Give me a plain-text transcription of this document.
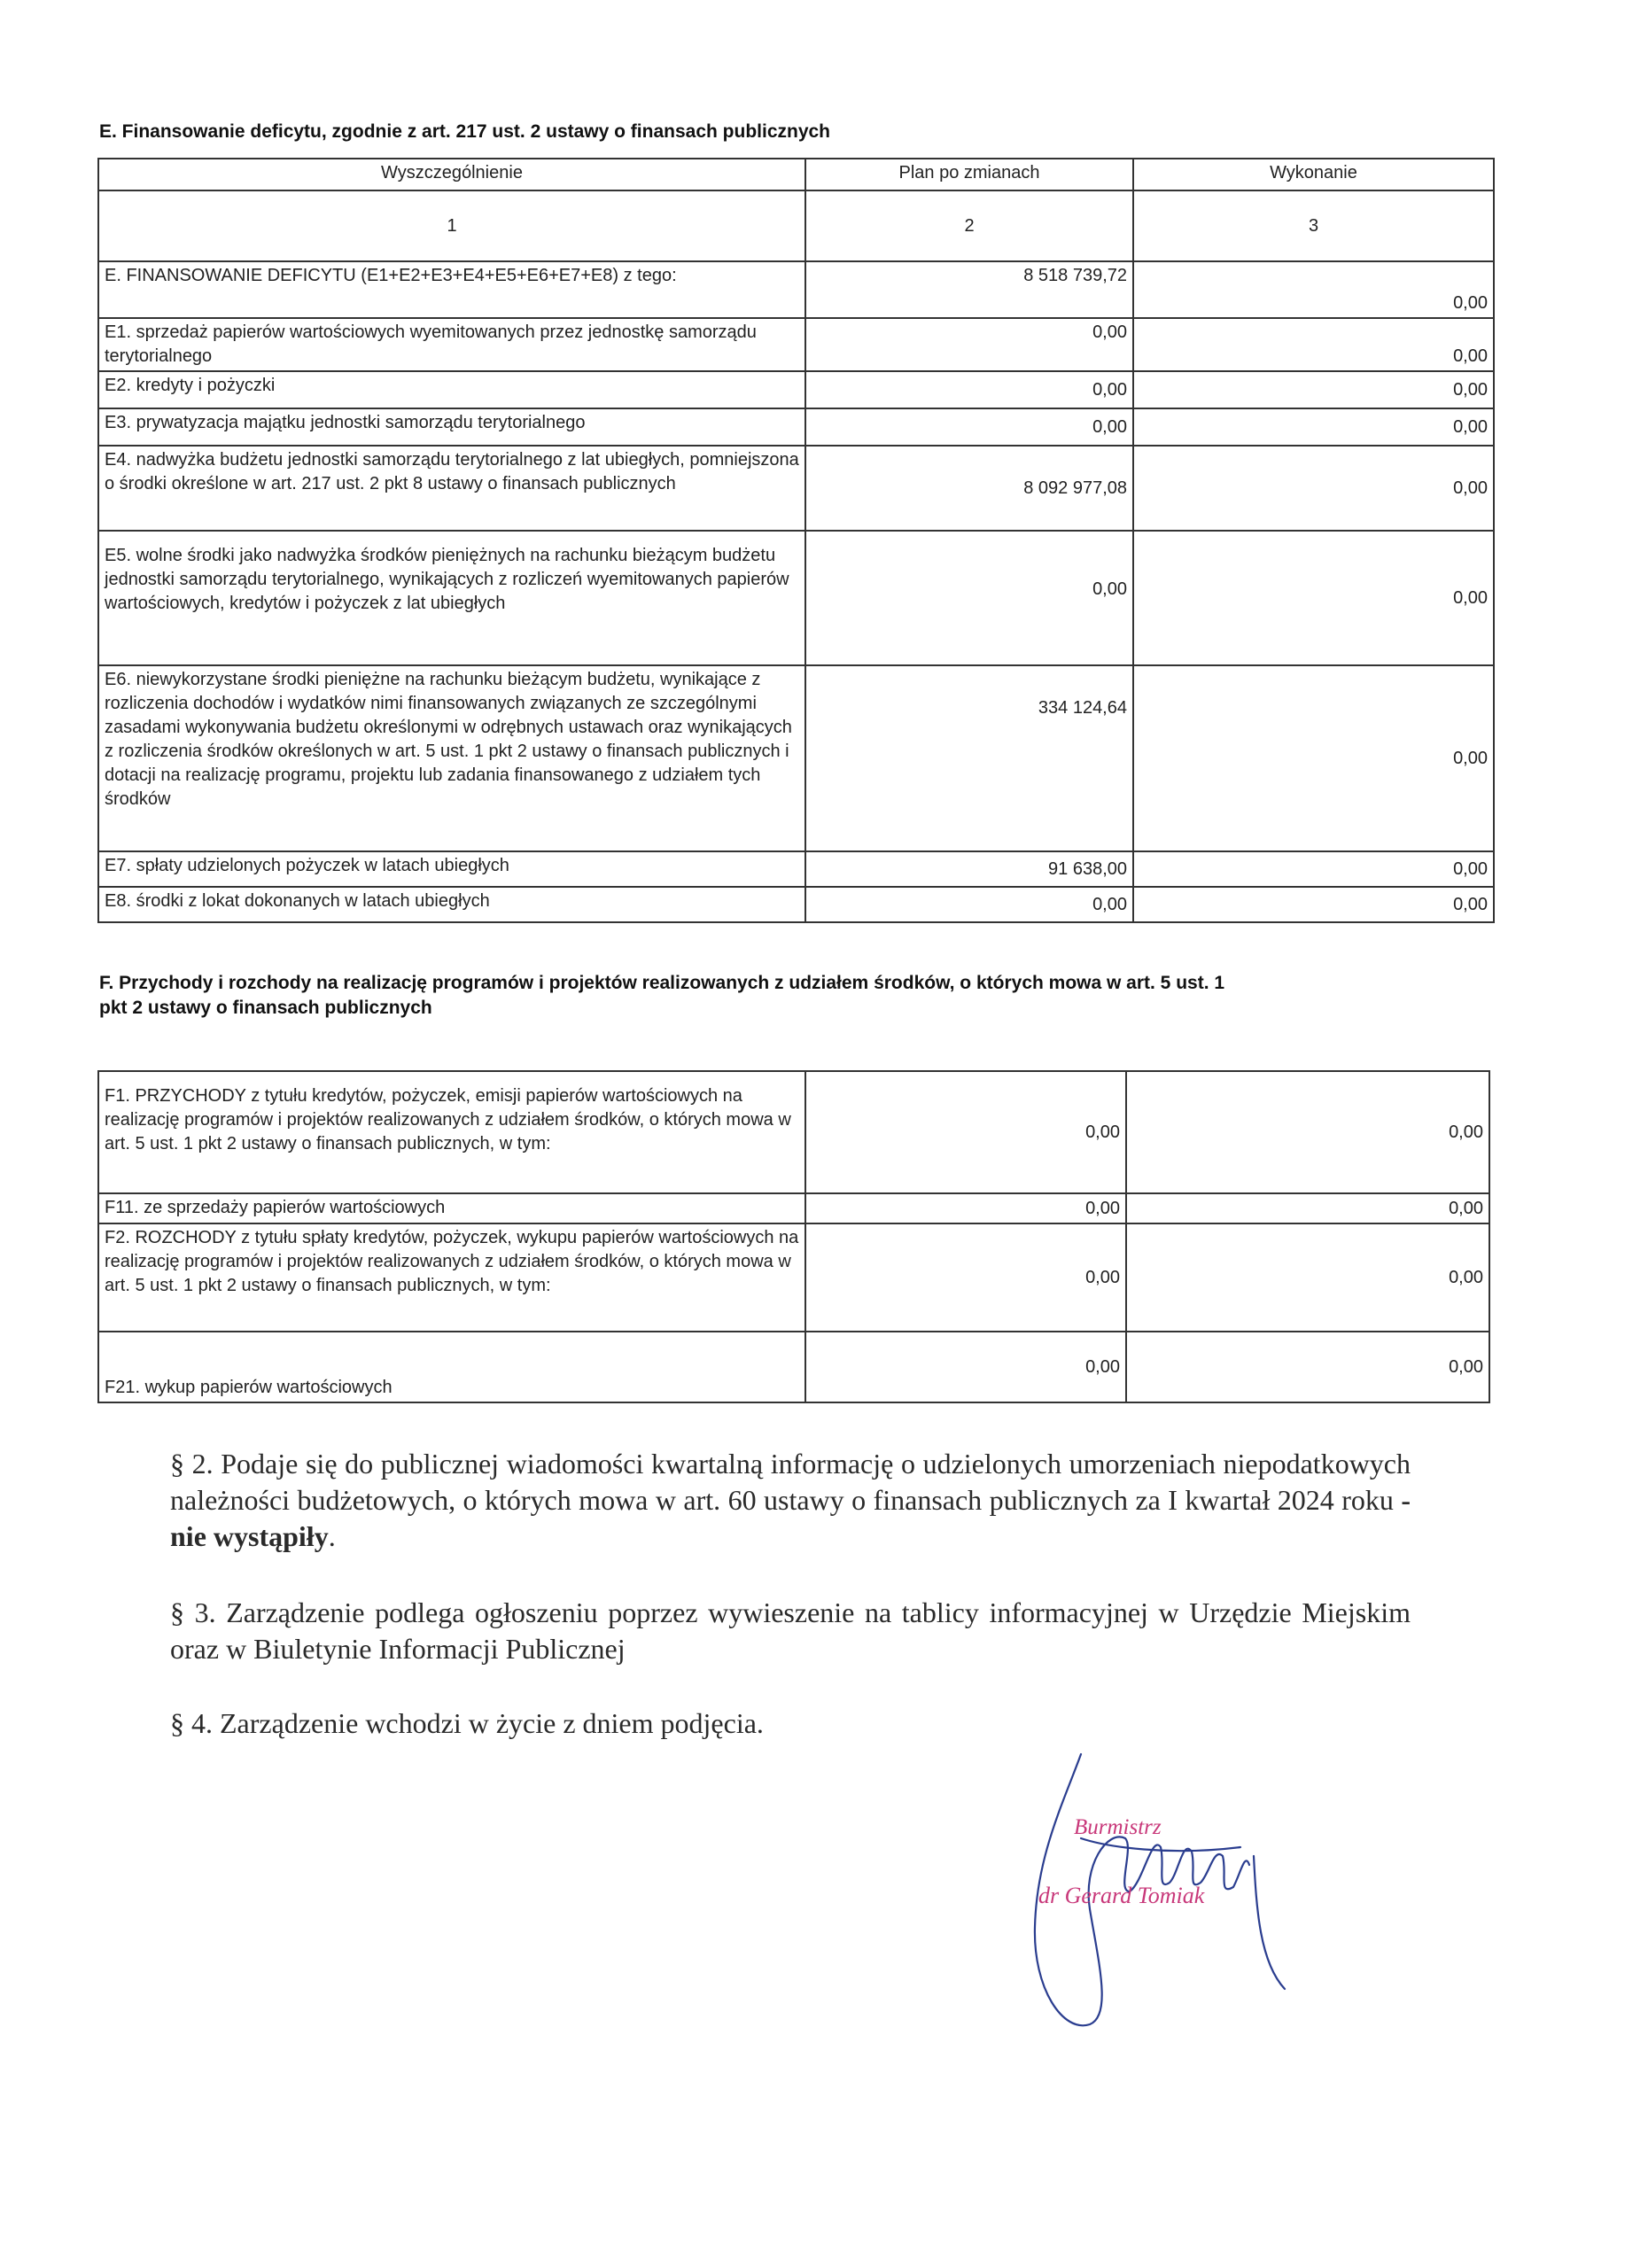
E. Finansowanie deficytu, zgodnie z art. 217 ust. 2 ustawy o finansach publicznych
Wyszczególnienie	Plan po zmianach	Wykonanie
1	2	3
E. FINANSOWANIE DEFICYTU (E1+E2+E3+E4+E5+E6+E7+E8) z tego:	8 518 739,72	0,00
E1. sprzedaż papierów wartościowych wyemitowanych przez jednostkę samorządu terytorialnego	0,00	0,00
E2. kredyty i pożyczki	0,00	0,00
E3. prywatyzacja majątku jednostki samorządu terytorialnego	0,00	0,00
E4. nadwyżka budżetu jednostki samorządu terytorialnego z lat ubiegłych, pomniejszona o środki określone w art. 217 ust. 2 pkt 8 ustawy o finansach publicznych	8 092 977,08	0,00
E5. wolne środki jako nadwyżka środków pieniężnych na rachunku bieżącym budżetu jednostki samorządu terytorialnego, wynikających z rozliczeń wyemitowanych papierów wartościowych, kredytów i pożyczek z lat ubiegłych	0,00	0,00
E6. niewykorzystane środki pieniężne na rachunku bieżącym budżetu, wynikające z rozliczenia dochodów i wydatków nimi finansowanych związanych ze szczególnymi zasadami wykonywania budżetu określonymi w odrębnych ustawach oraz wynikających z rozliczenia środków określonych w art. 5 ust. 1 pkt 2 ustawy o finansach publicznych i dotacji na realizację programu, projektu lub zadania finansowanego z udziałem tych środków	334 124,64	0,00
E7. spłaty udzielonych pożyczek w latach ubiegłych	91 638,00	0,00
E8. środki z lokat dokonanych w latach ubiegłych	0,00	0,00
F. Przychody i rozchody na realizację programów i projektów realizowanych z udziałem środków, o których mowa w art. 5 ust. 1 pkt 2 ustawy o finansach publicznych
F1. PRZYCHODY z tytułu kredytów, pożyczek, emisji papierów wartościowych na realizację programów i projektów realizowanych z udziałem środków, o których mowa w art. 5 ust. 1 pkt 2 ustawy o finansach publicznych, w tym:	0,00	0,00
F11. ze sprzedaży papierów wartościowych	0,00	0,00
F2. ROZCHODY z tytułu spłaty kredytów, pożyczek, wykupu papierów wartościowych na realizację programów i projektów realizowanych z udziałem środków, o których mowa w art. 5 ust. 1 pkt 2 ustawy o finansach publicznych, w tym:	0,00	0,00
F21. wykup papierów wartościowych	0,00	0,00
§ 2. Podaje się do publicznej wiadomości kwartalną informację o udzielonych umorzeniach niepodatkowych należności budżetowych, o których mowa w art. 60 ustawy o finansach publicznych za I kwartał 2024 roku - nie wystąpiły.
§ 3. Zarządzenie podlega ogłoszeniu poprzez wywieszenie na tablicy informacyjnej w Urzędzie Miejskim oraz w Biuletynie Informacji Publicznej
§ 4. Zarządzenie wchodzi w życie z dniem podjęcia.
Burmistrz
dr Gerard Tomiak
